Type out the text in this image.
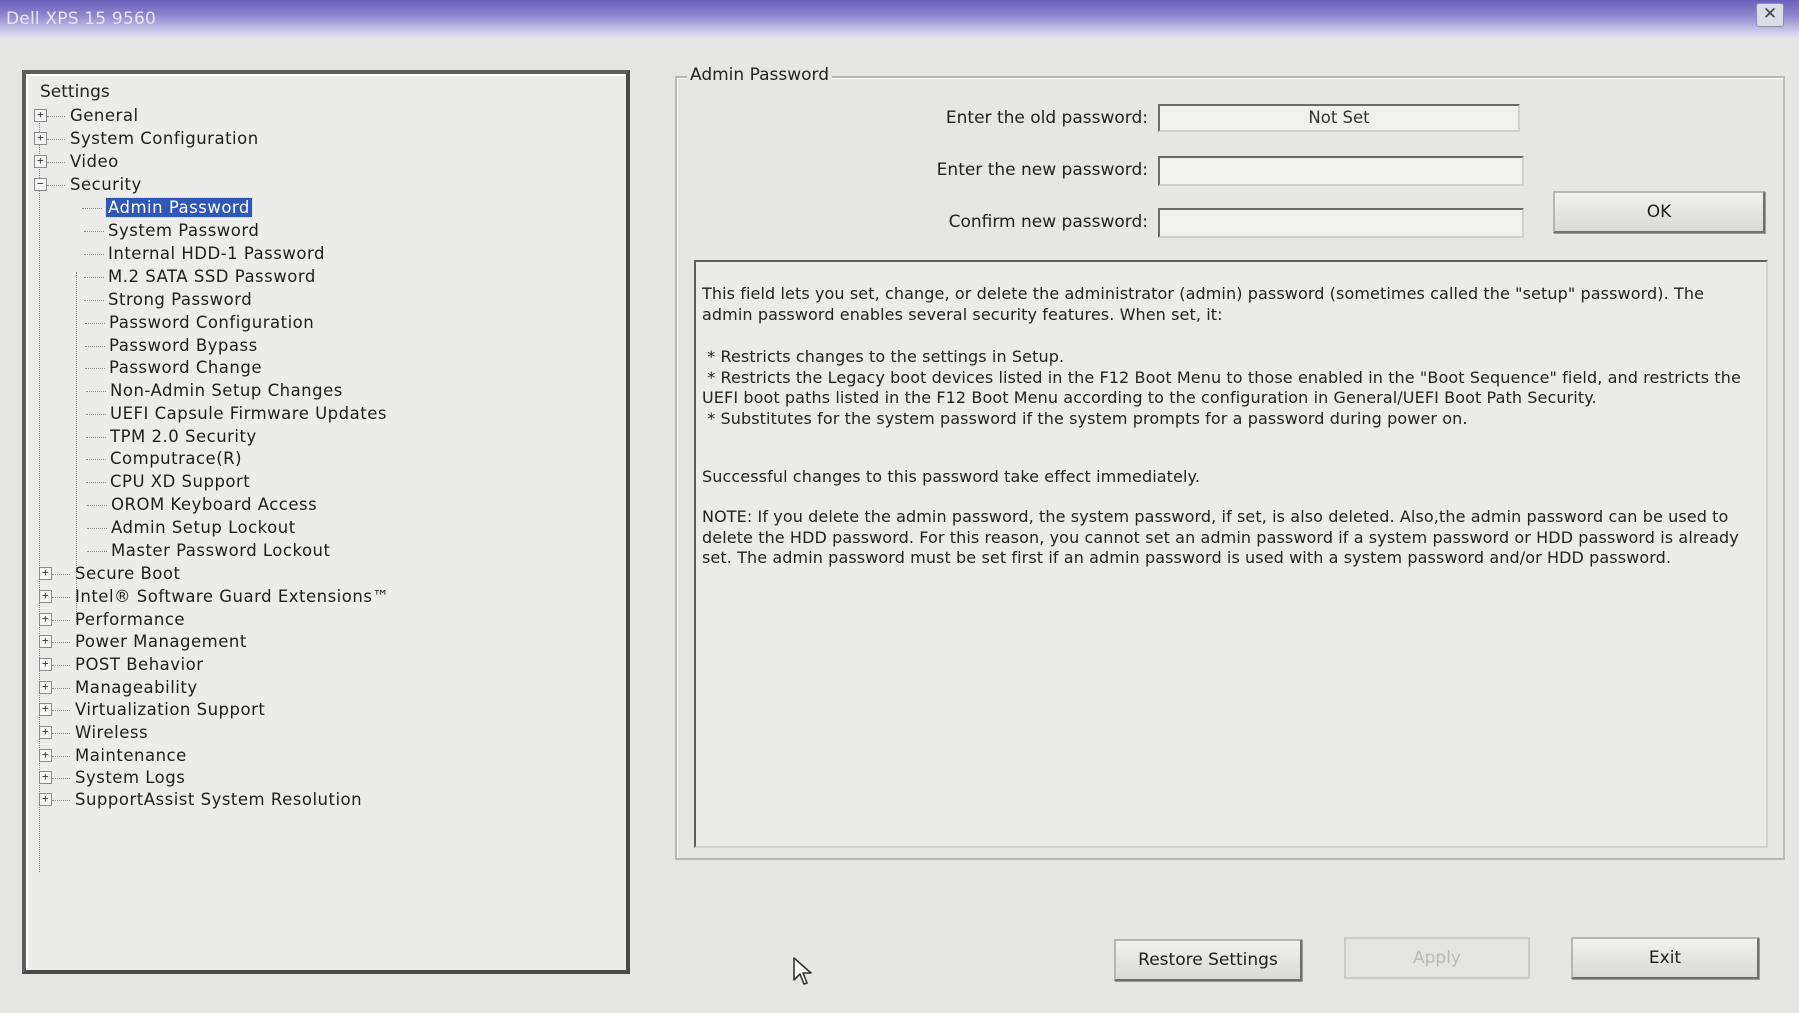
Dell XPS 15 9560	✕
Settings
+ General
+ System Configuration
+ Video
− Security
Admin Password
System Password
Internal HDD-1 Password
M.2 SATA SSD Password
Strong Password
Password Configuration
Password Bypass
Password Change
Non-Admin Setup Changes
UEFI Capsule Firmware Updates
TPM 2.0 Security
Computrace(R)
CPU XD Support
OROM Keyboard Access
Admin Setup Lockout
Master Password Lockout
+ Secure Boot
+ Intel® Software Guard Extensions™
+ Performance
+ Power Management
+ POST Behavior
+ Manageability
+ Virtualization Support
+ Wireless
+ Maintenance
+ System Logs
+ SupportAssist System Resolution
Admin Password
Enter the old password:	Not Set
Enter the new password:
Confirm new password:	OK
This field lets you set, change, or delete the administrator (admin) password (sometimes called the "setup" password). The admin password enables several security features. When set, it:
* Restricts changes to the settings in Setup.
* Restricts the Legacy boot devices listed in the F12 Boot Menu to those enabled in the "Boot Sequence" field, and restricts the UEFI boot paths listed in the F12 Boot Menu according to the configuration in General/UEFI Boot Path Security.
* Substitutes for the system password if the system prompts for a password during power on.
Successful changes to this password take effect immediately.
NOTE: If you delete the admin password, the system password, if set, is also deleted. Also,the admin password can be used to delete the HDD password. For this reason, you cannot set an admin password if a system password or HDD password is already set. The admin password must be set first if an admin password is used with a system password and/or HDD password.
Restore Settings	Apply	Exit
